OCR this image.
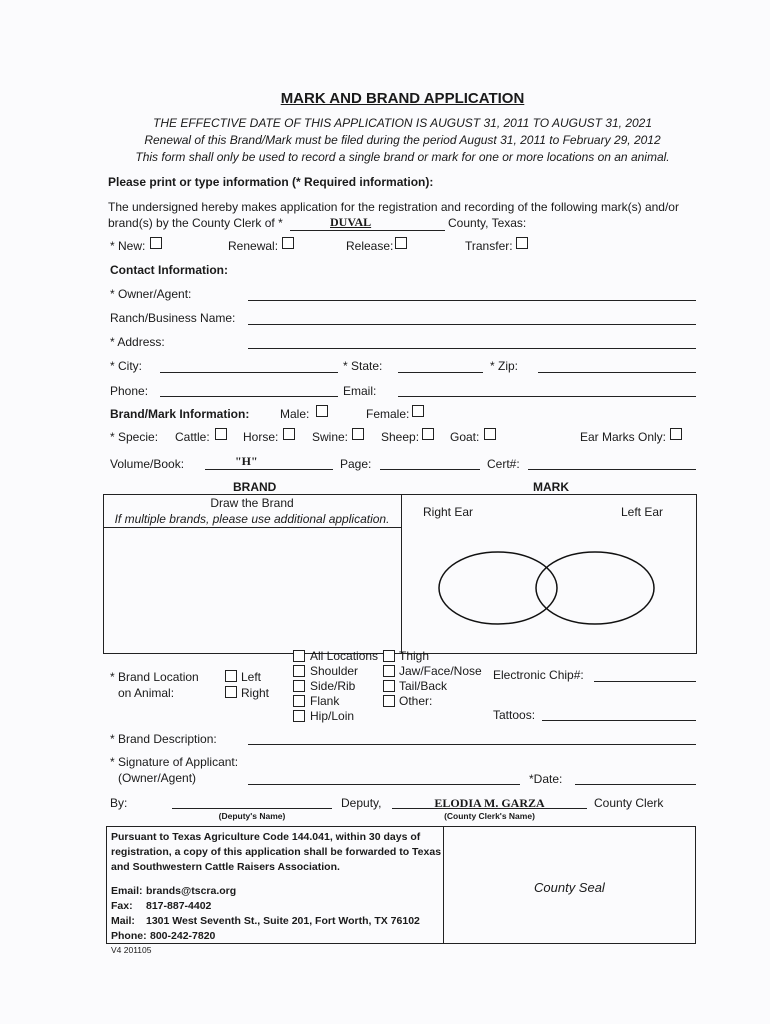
MARK AND BRAND APPLICATION
THE EFFECTIVE DATE OF THIS APPLICATION IS AUGUST 31, 2011 TO AUGUST 31, 2021
Renewal of this Brand/Mark must be filed during the period August 31, 2011 to February 29, 2012
This form shall only be used to record a single brand or mark for one or more locations on an animal.
Please print or type information (* Required information):
The undersigned hereby makes application for the registration and recording of the following mark(s) and/or
brand(s) by the County Clerk of *	DUVAL	County, Texas:
* New:	Renewal:	Release:	Transfer:
Contact Information:
* Owner/Agent:
Ranch/Business Name:
* Address:
* City:	* State:	* Zip:
Phone:	Email:
Brand/Mark Information:	Male:	Female:
* Specie: Cattle:	Horse:	Swine:	Sheep:	Goat:	Ear Marks Only:
Volume/Book:	"H"	Page:	Cert#:
BRAND	MARK
Draw the Brand
If multiple brands, please use additional application.	Right Ear	Left Ear
* Brand Location
on Animal:
Left
Right
All Locations
Shoulder
Side/Rib
Flank
Hip/Loin
Thigh
Jaw/Face/Nose
Tail/Back
Other:
Electronic Chip#:
Tattoos:
* Brand Description:
* Signature of Applicant:
(Owner/Agent)	*Date:
By:
(Deputy's Name)
Deputy,	ELODIA M. GARZA
(County Clerk's Name)
County Clerk
Pursuant to Texas Agriculture Code 144.041, within 30 days of
registration, a copy of this application shall be forwarded to Texas
and Southwestern Cattle Raisers Association.
Email: brands@tscra.org
Fax: 817-887-4402
Mail: 1301 West Seventh St., Suite 201, Fort Worth, TX 76102
Phone: 800-242-7820
County Seal
V4 201105
